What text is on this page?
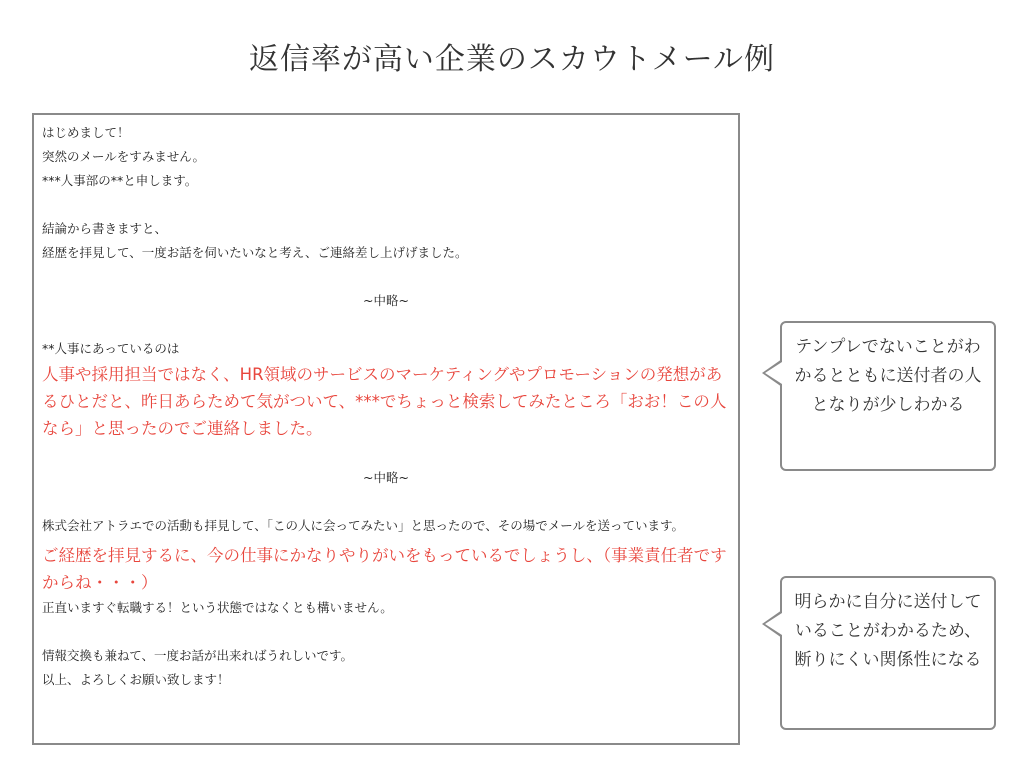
返信率が高い企業のスカウトメール例
はじめまして！
突然のメールをすみません。
***人事部の**と申します。
結論から書きますと、
経歴を拝見して、一度お話を伺いたいなと考え、ご連絡差し上げげました。
~中略~
**人事にあっているのは
人事や採用担当ではなく、HR領域のサービスのマーケティングやプロモーションの発想があるひとだと、昨日あらためて気がついて、***でちょっと検索してみたところ「おお！この人なら」と思ったのでご連絡しました。
~中略~
株式会社アトラエでの活動も拝見して、「この人に会ってみたい」と思ったので、その場でメールを送っています。
ご経歴を拝見するに、今の仕事にかなりやりがいをもっているでしょうし、（事業責任者ですからね・・・）
正直いますぐ転職する！という状態ではなくとも構いません。
情報交換も兼ねて、一度お話が出来ればうれしいです。
以上、よろしくお願い致します！
テンプレでないことがわかるとともに送付者の人となりが少しわかる
明らかに自分に送付していることがわかるため、断りにくい関係性になる
